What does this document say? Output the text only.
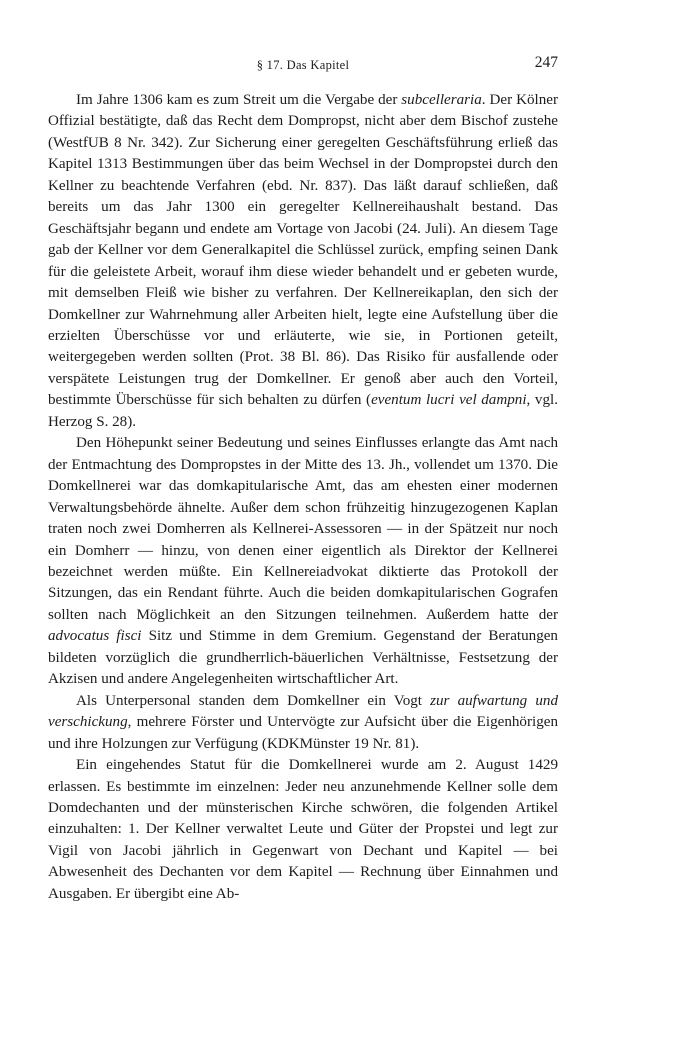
§ 17. Das Kapitel	247

Im Jahre 1306 kam es zum Streit um die Vergabe der subcelleraria. Der Kölner Offizial bestätigte, daß das Recht dem Dompropst, nicht aber dem Bischof zustehe (WestfUB 8 Nr. 342). Zur Sicherung einer geregelten Geschäftsführung erließ das Kapitel 1313 Bestimmungen über das beim Wechsel in der Dompropstei durch den Kellner zu beachtende Verfahren (ebd. Nr. 837). Das läßt darauf schließen, daß bereits um das Jahr 1300 ein geregelter Kellnereihaushalt bestand. Das Geschäftsjahr begann und endete am Vortage von Jacobi (24. Juli). An diesem Tage gab der Kellner vor dem Generalkapitel die Schlüssel zurück, empfing seinen Dank für die geleistete Arbeit, worauf ihm diese wieder behandelt und er gebeten wurde, mit demselben Fleiß wie bisher zu verfahren. Der Kellnereikaplan, den sich der Domkellner zur Wahrnehmung aller Arbeiten hielt, legte eine Aufstellung über die erzielten Überschüsse vor und erläuterte, wie sie, in Portionen geteilt, weitergegeben werden sollten (Prot. 38 Bl. 86). Das Risiko für ausfallende oder verspätete Leistungen trug der Domkellner. Er genoß aber auch den Vorteil, bestimmte Überschüsse für sich behalten zu dürfen (eventum lucri vel dampni, vgl. Herzog S. 28).

Den Höhepunkt seiner Bedeutung und seines Einflusses erlangte das Amt nach der Entmachtung des Dompropstes in der Mitte des 13. Jh., vollendet um 1370. Die Domkellnerei war das domkapitularische Amt, das am ehesten einer modernen Verwaltungsbehörde ähnelte. Außer dem schon frühzeitig hinzugezogenen Kaplan traten noch zwei Domherren als Kellnerei-Assessoren — in der Spätzeit nur noch ein Domherr — hinzu, von denen einer eigentlich als Direktor der Kellnerei bezeichnet werden müßte. Ein Kellnereiadvokat diktierte das Protokoll der Sitzungen, das ein Rendant führte. Auch die beiden domkapitularischen Gografen sollten nach Möglichkeit an den Sitzungen teilnehmen. Außerdem hatte der advocatus fisci Sitz und Stimme in dem Gremium. Gegenstand der Beratungen bildeten vorzüglich die grundherrlich-bäuerlichen Verhältnisse, Festsetzung der Akzisen und andere Angelegenheiten wirtschaftlicher Art.

Als Unterpersonal standen dem Domkellner ein Vogt zur aufwartung und verschickung, mehrere Förster und Untervögte zur Aufsicht über die Eigenhörigen und ihre Holzungen zur Verfügung (KDKMünster 19 Nr. 81).

Ein eingehendes Statut für die Domkellnerei wurde am 2. August 1429 erlassen. Es bestimmte im einzelnen: Jeder neu anzunehmende Kellner solle dem Domdechanten und der münsterischen Kirche schwören, die folgenden Artikel einzuhalten: 1. Der Kellner verwaltet Leute und Güter der Propstei und legt zur Vigil von Jacobi jährlich in Gegenwart von Dechant und Kapitel — bei Abwesenheit des Dechanten vor dem Kapitel — Rechnung über Einnahmen und Ausgaben. Er übergibt eine Ab-
